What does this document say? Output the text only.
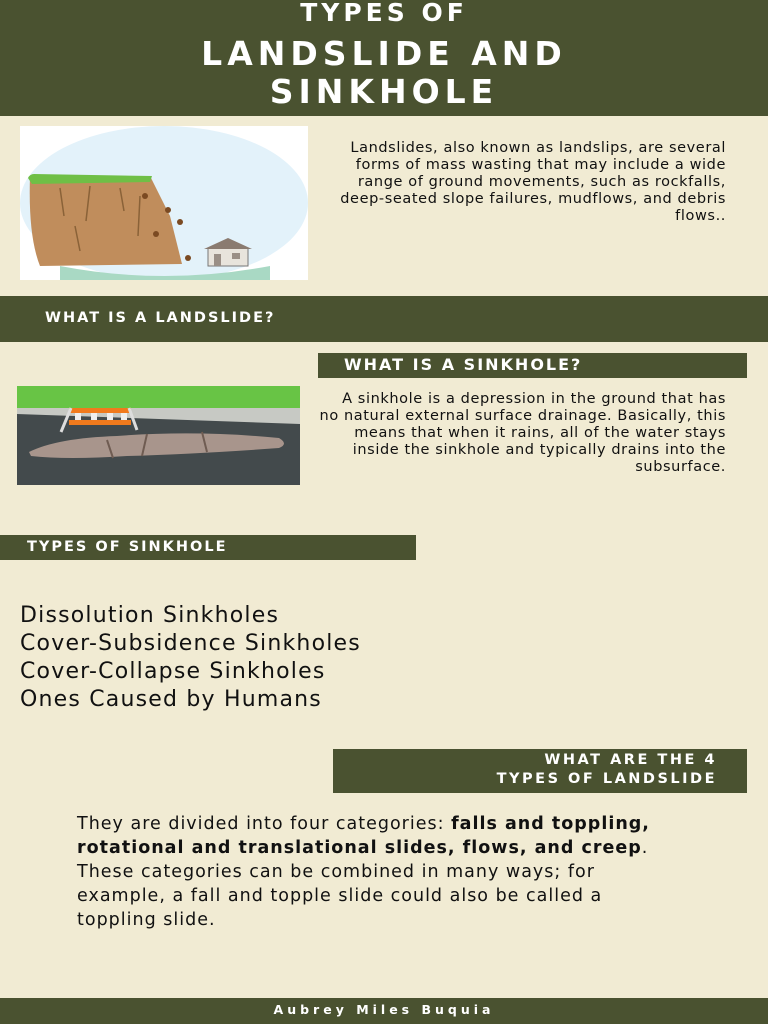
TYPES OF
LANDSLIDE AND
SINKHOLE
Landslides, also known as landslips, are several forms of mass wasting that may include a wide range of ground movements, such as rockfalls, deep-seated slope failures, mudflows, and debris flows..
WHAT IS A LANDSLIDE?
WHAT IS A SINKHOLE?
A sinkhole is a depression in the ground that has no natural external surface drainage. Basically, this means that when it rains, all of the water stays inside the sinkhole and typically drains into the subsurface.
TYPES OF SINKHOLE
Dissolution Sinkholes
Cover-Subsidence Sinkholes
Cover-Collapse Sinkholes
Ones Caused by Humans
WHAT ARE THE 4
TYPES OF LANDSLIDE

They are divided into four categories: falls and toppling, rotational and translational slides, flows, and creep. These categories can be combined in many ways; for example, a fall and topple slide could also be called a toppling slide.

Aubrey Miles Buquia
